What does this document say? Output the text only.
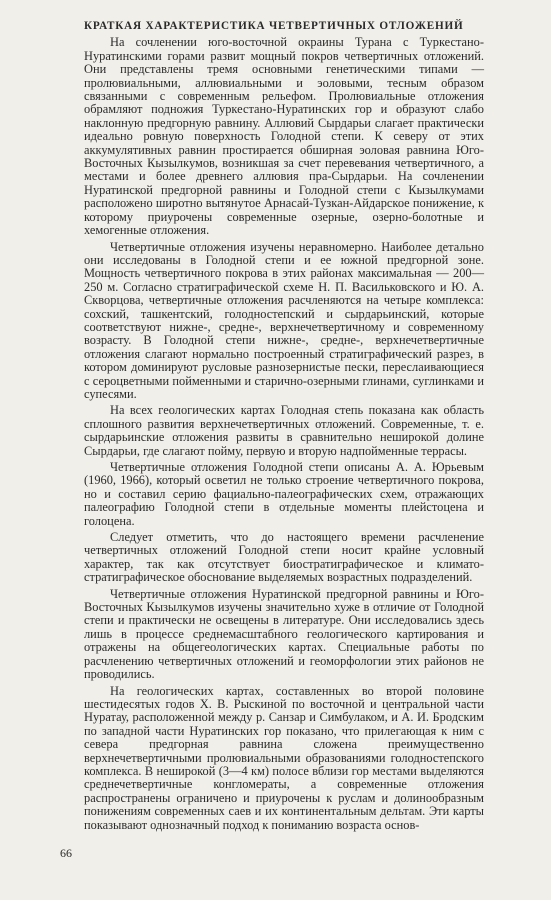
КРАТКАЯ ХАРАКТЕРИСТИКА ЧЕТВЕРТИЧНЫХ ОТЛОЖЕНИЙ

На сочленении юго-восточной окраины Турана с Туркестано-Нуратинскими горами развит мощный покров четвертичных отложений. Они представлены тремя основными генетическими типами — пролювиальными, аллювиальными и эоловыми, тесным образом связанными с современным рельефом. Пролювиальные отложения обрамляют подножия Туркестано-Нуратинских гор и образуют слабо наклонную предгорную равнину. Аллювий Сырдарьи слагает практически идеально ровную поверхность Голодной степи. К северу от этих аккумулятивных равнин простирается обширная эоловая равнина Юго-Восточных Кызылкумов, возникшая за счет перевевания четвертичного, а местами и более древнего аллювия пра-Сырдарьи. На сочленении Нуратинской предгорной равнины и Голодной степи с Кызылкумами расположено широтно вытянутое Арнасай-Тузкан-Айдарское понижение, к которому приурочены современные озерные, озерно-болотные и хемогенные отложения.

Четвертичные отложения изучены неравномерно. Наиболее детально они исследованы в Голодной степи и ее южной предгорной зоне. Мощность четвертичного покрова в этих районах максимальная — 200—250 м. Согласно стратиграфической схеме Н. П. Васильковского и Ю. А. Скворцова, четвертичные отложения расчленяются на четыре комплекса: сохский, ташкентский, голодностепский и сырдарьинский, которые соответствуют нижне-, средне-, верхнечетвертичному и современному возрасту. В Голодной степи нижне-, средне-, верхнечетвертичные отложения слагают нормально построенный стратиграфический разрез, в котором доминируют русловые разнозернистые пески, переслаивающиеся с сероцветными пойменными и старично-озерными глинами, суглинками и супесями.

На всех геологических картах Голодная степь показана как область сплошного развития верхнечетвертичных отложений. Современные, т. е. сырдарьинские отложения развиты в сравнительно неширокой долине Сырдарьи, где слагают пойму, первую и вторую надпойменные террасы.

Четвертичные отложения Голодной степи описаны А. А. Юрьевым (1960, 1966), который осветил не только строение четвертичного покрова, но и составил серию фациально-палеографических схем, отражающих палеографию Голодной степи в отдельные моменты плейстоцена и голоцена.

Следует отметить, что до настоящего времени расчленение четвертичных отложений Голодной степи носит крайне условный характер, так как отсутствует биостратиграфическое и климато-стратиграфическое обоснование выделяемых возрастных подразделений.

Четвертичные отложения Нуратинской предгорной равнины и Юго-Восточных Кызылкумов изучены значительно хуже в отличие от Голодной степи и практически не освещены в литературе. Они исследовались здесь лишь в процессе среднемасштабного геологического картирования и отражены на общегеологических картах. Специальные работы по расчленению четвертичных отложений и геоморфологии этих районов не проводились.

На геологических картах, составленных во второй половине шестидесятых годов Х. В. Рыскиной по восточной и центральной части Нуратау, расположенной между р. Санзар и Симбулаком, и А. И. Бродским по западной части Нуратинских гор показано, что прилегающая к ним с севера предгорная равнина сложена преимущественно верхнечетвертичными пролювиальными образованиями голодностепского комплекса. В неширокой (3—4 км) полосе вблизи гор местами выделяются среднечетвертичные конгломераты, а современные отложения распространены ограничено и приурочены к руслам и долинообразным понижениям современных саев и их континентальным дельтам. Эти карты показывают однозначный подход к пониманию возраста основ-

66
